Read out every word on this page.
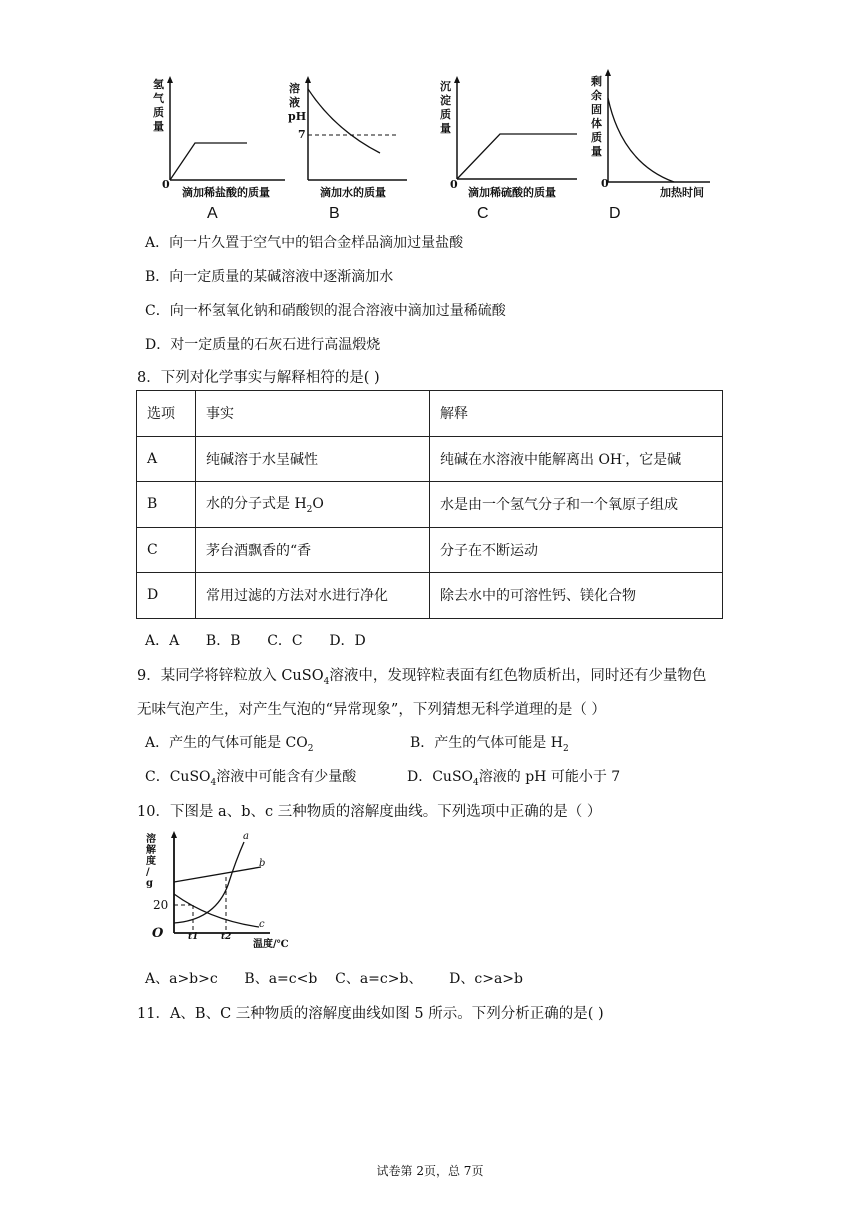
氢气质量
0
滴加稀盐酸的质量
A
溶液
pH
7
滴加水的质量
B
沉淀质量
0
滴加稀硫酸的质量
C
剩余固体质量
0
加热时间
D
A．向一片久置于空气中的铝合金样品滴加过量盐酸
B．向一定质量的某碱溶液中逐渐滴加水
C．向一杯氢氧化钠和硝酸钡的混合溶液中滴加过量稀硫酸
D．对一定质量的石灰石进行高温煅烧
8．下列对化学事实与解释相符的是( )
选项	事实	解释
A	纯碱溶于水呈碱性	纯碱在水溶液中能解离出 OH-，它是碱
B	水的分子式是 $H_2O$	水是由一个氢气分子和一个氧原子组成
C	茅台酒飘香的“香	分子在不断运动
D	常用过滤的方法对水进行净化	除去水中的可溶性钙、镁化合物
A．A      B．B      C．C      D．D
9．某同学将锌粒放入 CuSO$_4$溶液中，发现锌粒表面有红色物质析出，同时还有少量物色
无味气泡产生，对产生气泡的“异常现象”，下列猜想无科学道理的是（ ）
A．产生的气体可能是 $CO_2$	B．产生的气体可能是 $H_2$
C．CuSO$_4$溶液中可能含有少量酸	D．CuSO$_4$溶液的 pH 可能小于 7
10．下图是 a、b、c 三种物质的溶解度曲线。下列选项中正确的是（ ）
溶
解
度
/
g
20
O	t1	t2
温度/℃
a
b
c
A、a>b>c      B、a=c<b    C、a=c>b、      D、c>a>b
11．A、B、C 三种物质的溶解度曲线如图 5 所示。下列分析正确的是( )
试卷第 2页，总 7页
